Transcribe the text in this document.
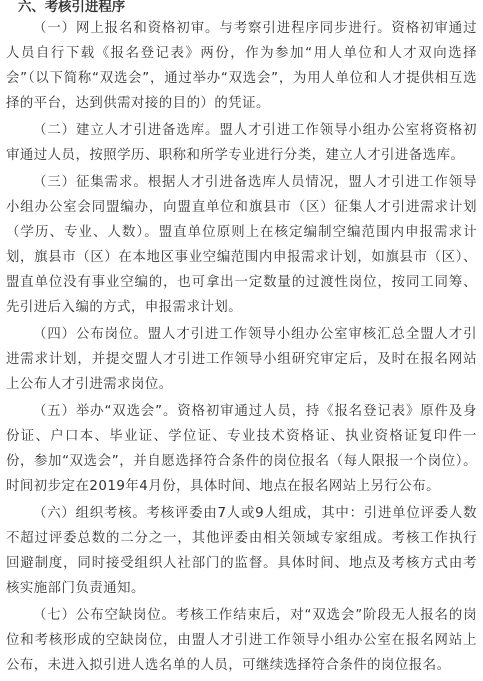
六、考核引进程序

（一）网上报名和资格初审。与考察引进程序同步进行。资格初审通过人员自行下载《报名登记表》两份，作为参加“用人单位和人才双向选择会”（以下简称“双选会”，通过举办“双选会”，为用人单位和人才提供相互选择的平台，达到供需对接的目的）的凭证。

（二）建立人才引进备选库。盟人才引进工作领导小组办公室将资格初审通过人员，按照学历、职称和所学专业进行分类，建立人才引进备选库。

（三）征集需求。根据人才引进备选库人员情况，盟人才引进工作领导小组办公室会同盟编办，向盟直单位和旗县市（区）征集人才引进需求计划（学历、专业、人数）。盟直单位原则上在核定编制空编范围内申报需求计划，旗县市（区）在本地区事业空编范围内申报需求计划，如旗县市（区）、盟直单位没有事业空编的，也可拿出一定数量的过渡性岗位，按同工同筹、先引进后入编的方式，申报需求计划。

（四）公布岗位。盟人才引进工作领导小组办公室审核汇总全盟人才引进需求计划，并提交盟人才引进工作领导小组研究审定后，及时在报名网站上公布人才引进需求岗位。

（五）举办“双选会”。资格初审通过人员，持《报名登记表》原件及身份证、户口本、毕业证、学位证、专业技术资格证、执业资格证复印件一份，参加“双选会”，并自愿选择符合条件的岗位报名（每人限报一个岗位）。时间初步定在2019年4月份，具体时间、地点在报名网站上另行公布。

（六）组织考核。考核评委由7人或9人组成，其中：引进单位评委人数不超过评委总数的二分之一，其他评委由相关领域专家组成。考核工作执行回避制度，同时接受组织人社部门的监督。具体时间、地点及考核方式由考核实施部门负责通知。

（七）公布空缺岗位。考核工作结束后，对“双选会”阶段无人报名的岗位和考核形成的空缺岗位，由盟人才引进工作领导小组办公室在报名网站上公布，未进入拟引进人选名单的人员，可继续选择符合条件的岗位报名。
